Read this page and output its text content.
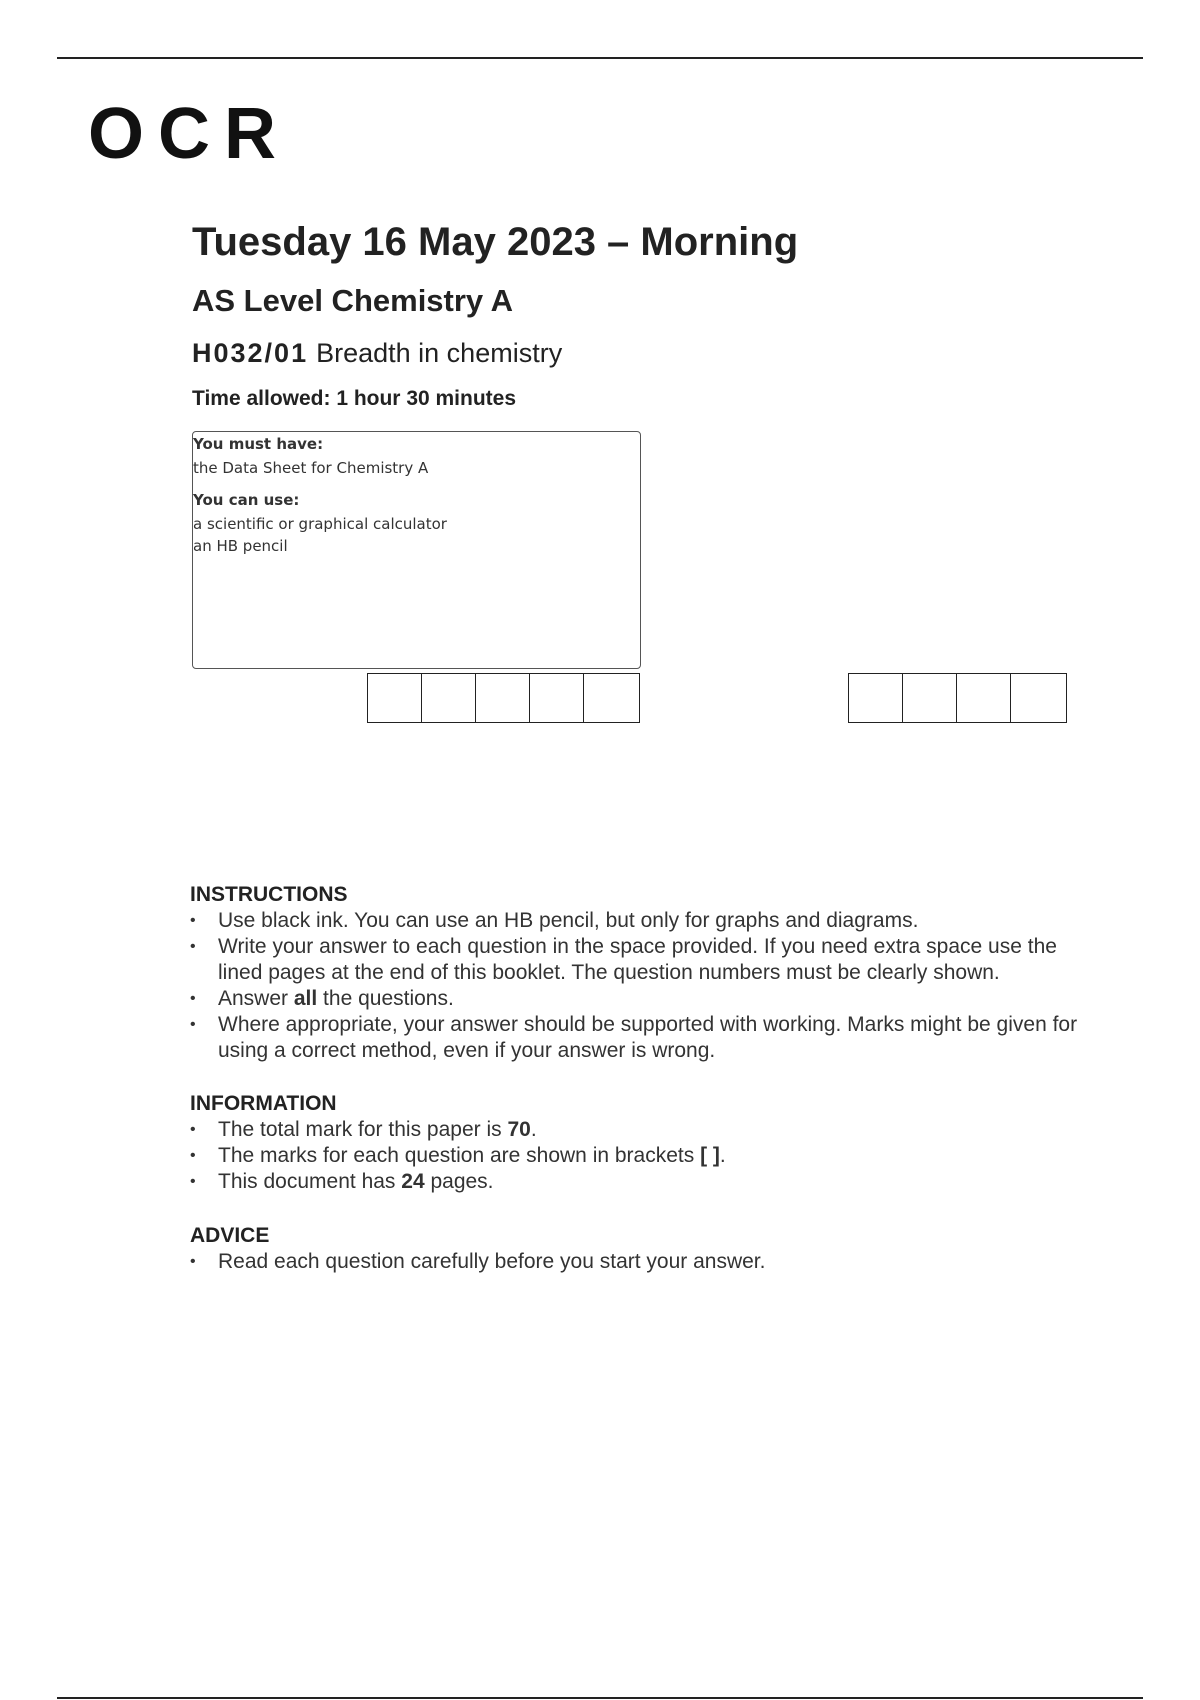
OCR
Tuesday 16 May 2023 – Morning
AS Level Chemistry A
H032/01 Breadth in chemistry
Time allowed: 1 hour 30 minutes
You must have:
the Data Sheet for Chemistry A
You can use:
a scientific or graphical calculator
an HB pencil
INSTRUCTIONS
• Use black ink. You can use an HB pencil, but only for graphs and diagrams.
• Write your answer to each question in the space provided. If you need extra space use the lined pages at the end of this booklet. The question numbers must be clearly shown.
• Answer all the questions.
• Where appropriate, your answer should be supported with working. Marks might be given for using a correct method, even if your answer is wrong.
INFORMATION
• The total mark for this paper is 70.
• The marks for each question are shown in brackets [ ].
• This document has 24 pages.
ADVICE
• Read each question carefully before you start your answer.
